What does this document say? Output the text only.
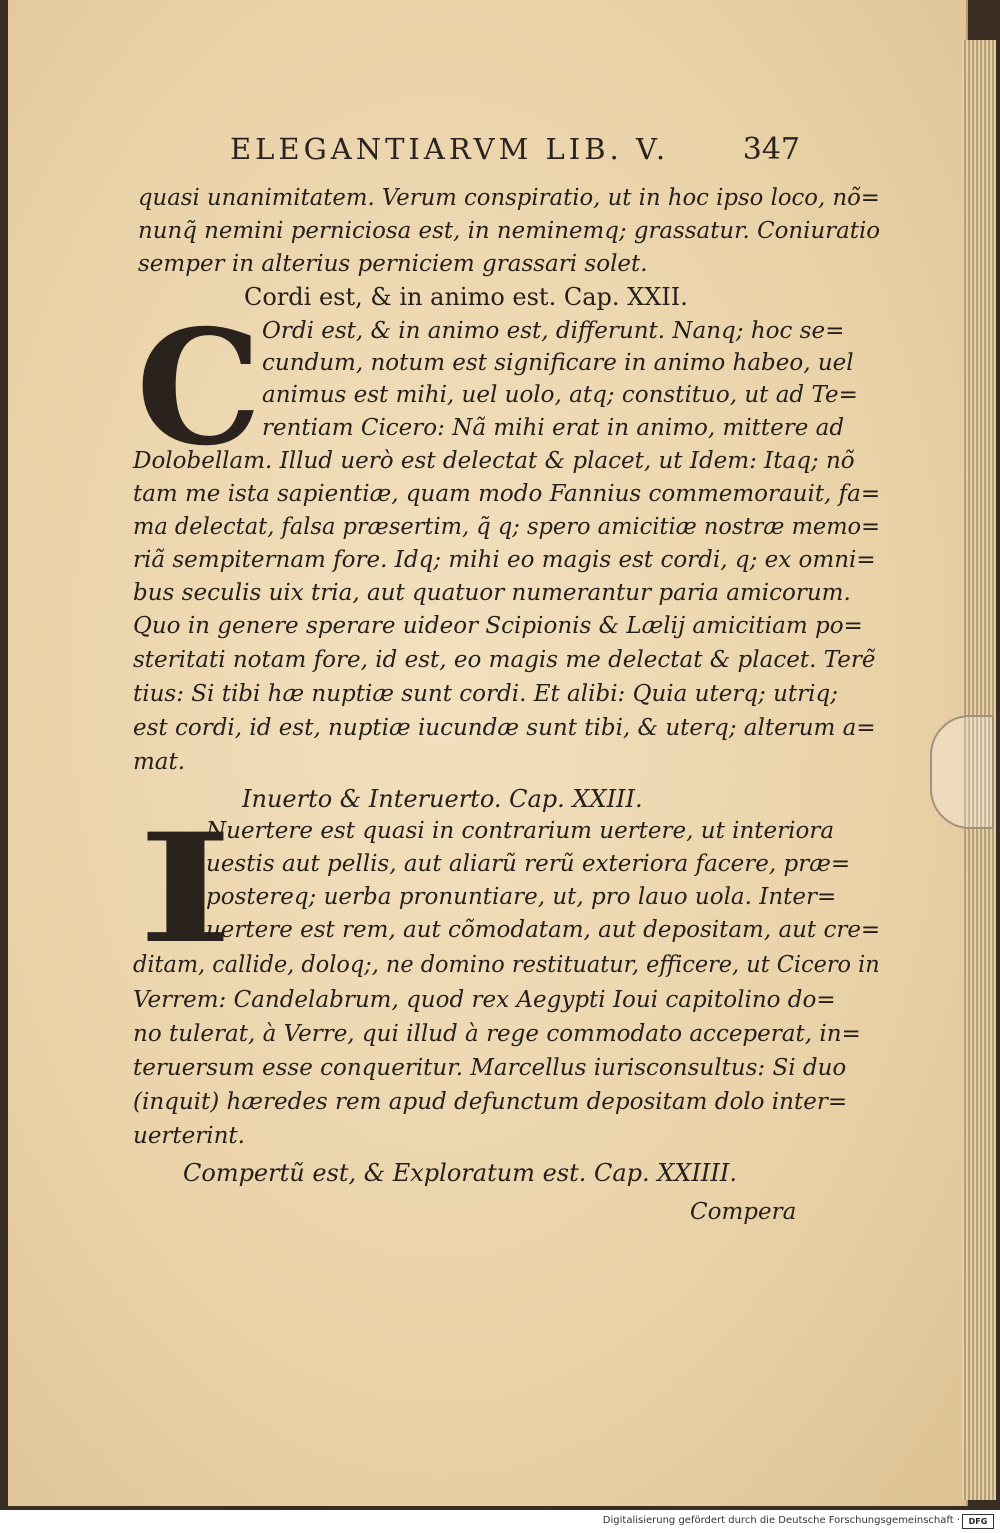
ELEGANTIARVM LIB. V. 347
quasi unanimitatem. Verum conspiratio, ut in hoc ipso loco, nõ=
nunq̃ nemini perniciosa est, in neminemq; grassatur. Coniuratio
semper in alterius perniciem grassari solet.
Cordi est, & in animo est. Cap. XXII.
C Ordi est, & in animo est, differunt. Nanq; hoc se=
cundum, notum est significare in animo habeo, uel
animus est mihi, uel uolo, atq; constituo, ut ad Te=
rentiam Cicero: Nã mihi erat in animo, mittere ad
Dolobellam. Illud uerò est delectat & placet, ut Idem: Itaq; nõ
tam me ista sapientiæ, quam modo Fannius commemorauit, fa=
ma delectat, falsa præsertim, q̃ q; spero amicitiæ nostræ memo=
riã sempiternam fore. Idq; mihi eo magis est cordi, q; ex omni=
bus seculis uix tria, aut quatuor numerantur paria amicorum.
Quo in genere sperare uideor Scipionis & Lælij amicitiam po=
steritati notam fore, id est, eo magis me delectat & placet. Terẽ
tius: Si tibi hæ nuptiæ sunt cordi. Et alibi: Quia uterq; utriq;
est cordi, id est, nuptiæ iucundæ sunt tibi, & uterq; alterum a=
mat.
Inuerto & Interuerto. Cap. XXIII.
I
Nuertere est quasi in contrarium uertere, ut interiora
uestis aut pellis, aut aliarũ rerũ exteriora facere, præ=
postereq; uerba pronuntiare, ut, pro lauo uola. Inter=
uertere est rem, aut cõmodatam, aut depositam, aut cre=
ditam, callide, doloq;, ne domino restituatur, efficere, ut Cicero in
Verrem: Candelabrum, quod rex Aegypti Ioui capitolino do=
no tulerat, à Verre, qui illud à rege commodato acceperat, in=
teruersum esse conqueritur. Marcellus iurisconsultus: Si duo
(inquit) hæredes rem apud defunctum depositam dolo inter=
uerterint.
Compertũ est, & Exploratum est. Cap. XXIIII.
Compera
Digitalisierung gefördert durch die Deutsche Forschungsgemeinschaft ·	DFG
